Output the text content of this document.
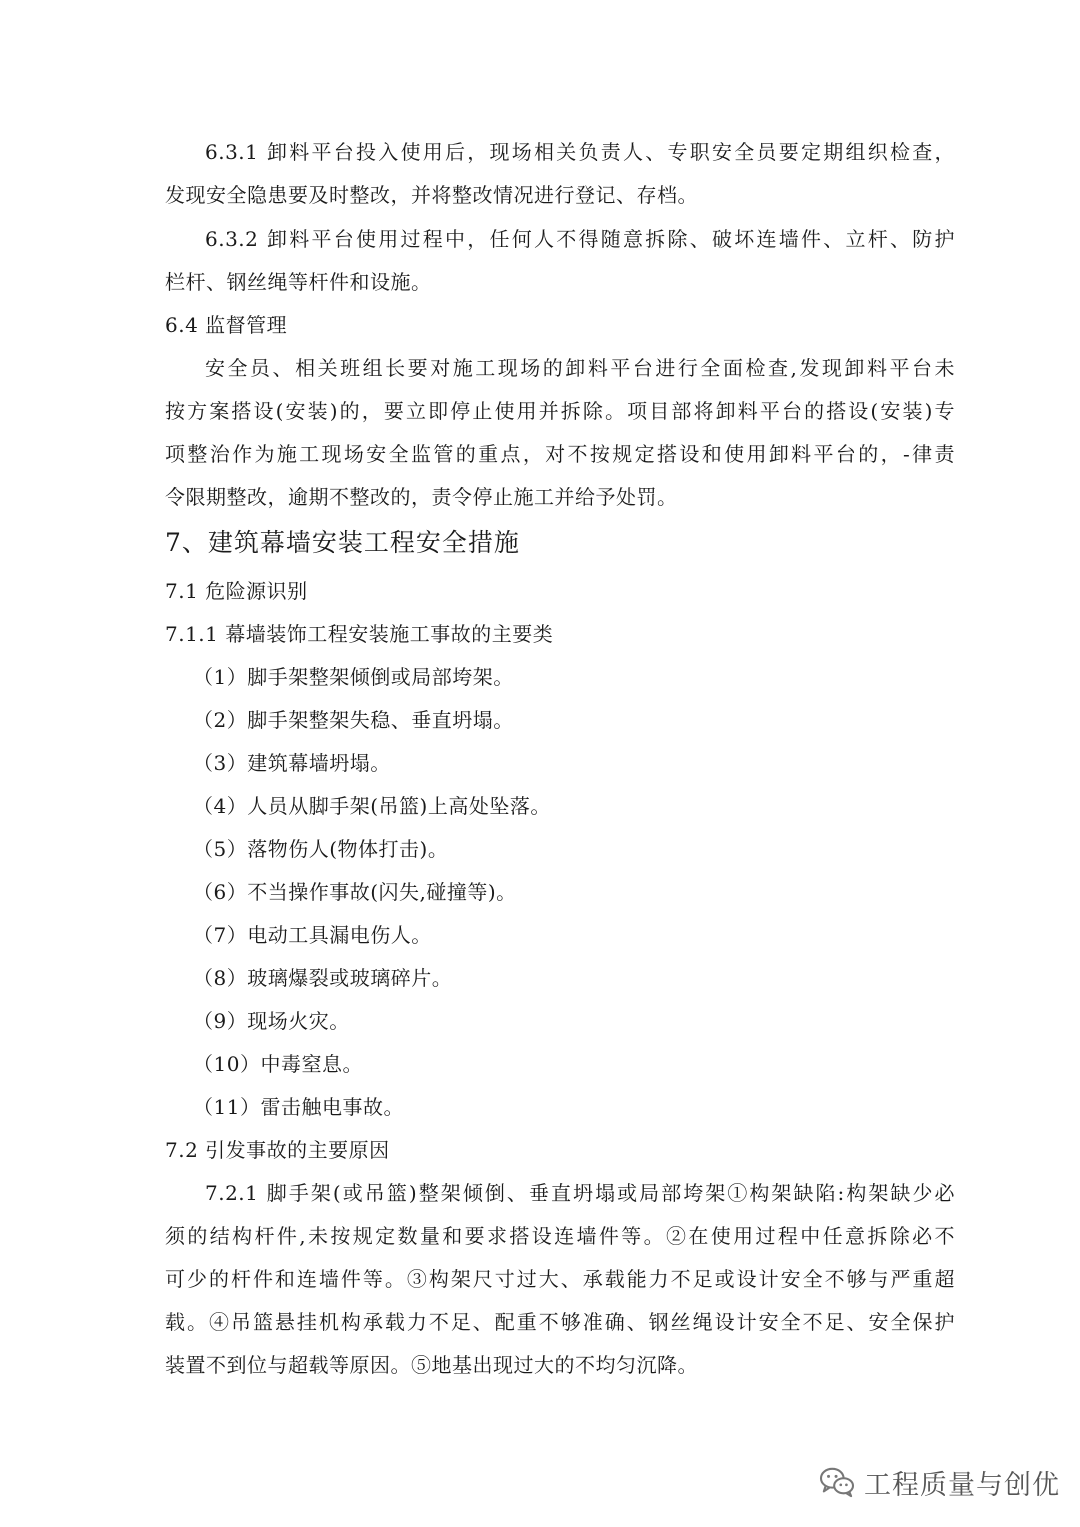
6.3.1 卸料平台投入使用后，现场相关负责人、专职安全员要定期组织检查，
发现安全隐患要及时整改，并将整改情况进行登记、存档。
6.3.2 卸料平台使用过程中，任何人不得随意拆除、破坏连墙件、立杆、防护
栏杆、钢丝绳等杆件和设施。
6.4 监督管理
安全员、相关班组长要对施工现场的卸料平台进行全面检查,发现卸料平台未
按方案搭设(安装)的，要立即停止使用并拆除。项目部将卸料平台的搭设(安装)专
项整治作为施工现场安全监管的重点，对不按规定搭设和使用卸料平台的，-律责
令限期整改，逾期不整改的，责令停止施工并给予处罚。
7、建筑幕墙安装工程安全措施
7.1 危险源识别
7.1.1 幕墙装饰工程安装施工事故的主要类
（1）脚手架整架倾倒或局部垮架。
（2）脚手架整架失稳、垂直坍塌。
（3）建筑幕墙坍塌。
（4）人员从脚手架(吊篮)上高处坠落。
（5）落物伤人(物体打击)。
（6）不当操作事故(闪失,碰撞等)。
（7）电动工具漏电伤人。
（8）玻璃爆裂或玻璃碎片。
（9）现场火灾。
（10）中毒窒息。
（11）雷击触电事故。
7.2 引发事故的主要原因
7.2.1 脚手架(或吊篮)整架倾倒、垂直坍塌或局部垮架①构架缺陷:构架缺少必
须的结构杆件,未按规定数量和要求搭设连墙件等。②在使用过程中任意拆除必不
可少的杆件和连墙件等。③构架尺寸过大、承载能力不足或设计安全不够与严重超
载。④吊篮悬挂机构承载力不足、配重不够准确、钢丝绳设计安全不足、安全保护
装置不到位与超载等原因。⑤地基出现过大的不均匀沉降。
工程质量与创优
